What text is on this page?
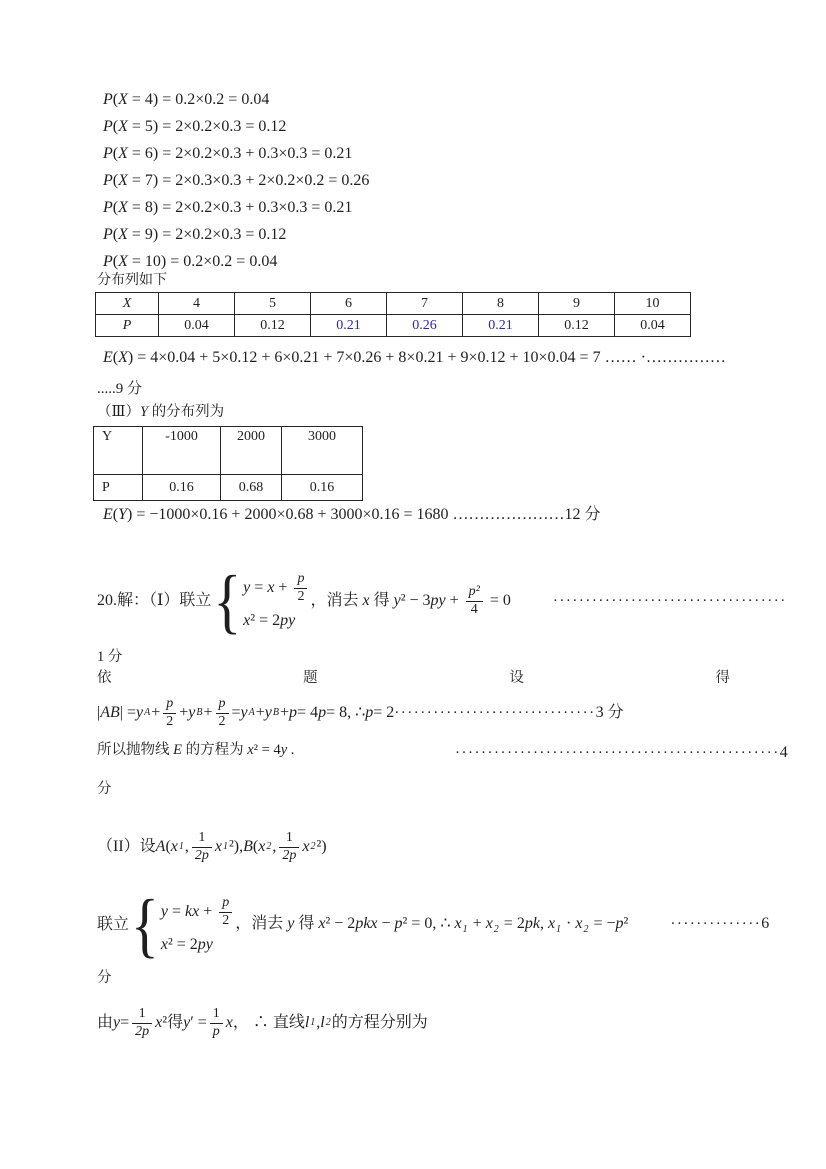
P(X = 4) = 0.2×0.2 = 0.04
P(X = 5) = 2×0.2×0.3 = 0.12
P(X = 6) = 2×0.2×0.3 + 0.3×0.3 = 0.21
P(X = 7) = 2×0.3×0.3 + 2×0.2×0.2 = 0.26
P(X = 8) = 2×0.2×0.3 + 0.3×0.3 = 0.21
P(X = 9) = 2×0.2×0.3 = 0.12
P(X = 10) = 0.2×0.2 = 0.04
分布列如下
X	4	5	6	7	8	9	10
P	0.04	0.12	0.21	0.26	0.21	0.12	0.04
E(X) = 4×0.04 + 5×0.12 + 6×0.21 + 7×0.26 + 8×0.21 + 9×0.12 + 10×0.04 = 7 …… ·……………
.....9 分
（Ⅲ）Y 的分布列为
Y	-1000	2000	3000
P	0.16	0.68	0.16
E(Y) = −1000×0.16 + 2000×0.68 + 3000×0.16 = 1680 …………………12 分
20.解：（Ⅰ）联立 { $y = x + \frac{p}{2}$
x² = 2py
，消去 x 得 $y^2 - 3py + \frac{\text{p²}}{4} = 0$	····································
1 分
依	题	设	得
| AB | = y $A + \frac{p}{2} + y$ $B + \frac{p}{2} = y$ A + y B + p = 4 p = 8, ∴ p = 2 ······························· 3 分
所以抛物线 E 的方程为 x² = 4y .	··················································4
分
（II）设 A ( x 1 , $\frac{1}{2p}$ x 1 ² ), B ( x 2 , $\frac{1}{2p}$ x 2 ²)
联立 { y = kx + $\frac{p}{2}$
x² = 2py
，消去 y 得 x² − 2pkx − p² = 0, ∴ $x_1 + x_2 = 2pk$, $x_1 \cdot x_2 = -p^2$	··············6
分
由 $y = \frac{1}{2p}$ x ² 得 y ′ = $\frac{1}{p}$ x ， ∴ 直线 l 1 , l 2 的方程分别为
